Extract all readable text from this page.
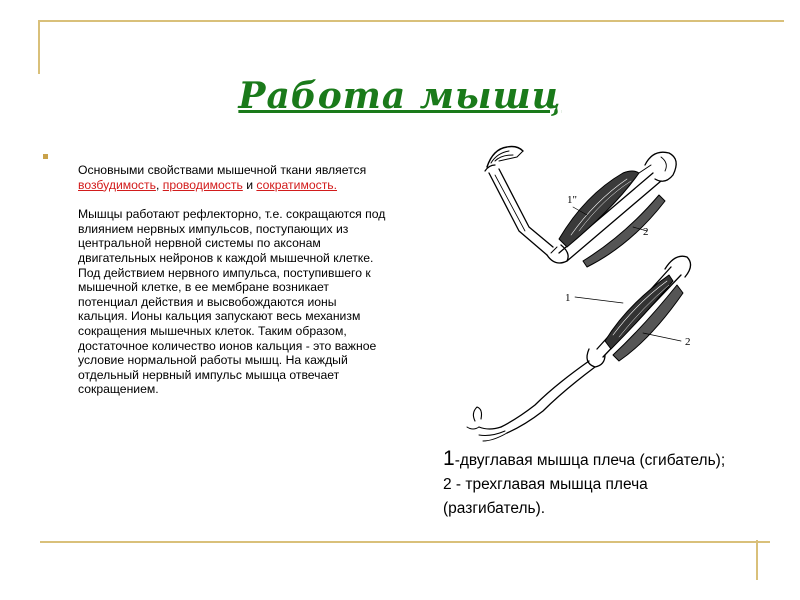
Работа мышц

Основными свойствами мышечной ткани является возбудимость, проводимость и сократимость.

Мышцы работают рефлекторно, т.е. сокращаются под влиянием нервных импульсов, поступающих из центральной нервной системы по аксонам двигательных нейронов к каждой мышечной клетке. Под действием нервного импульса, поступившего к мышечной клетке, в ее мембране возникает потенциал действия и высвобождаются ионы кальция. Ионы кальция запускают весь механизм сокращения мышечных клеток. Таким образом, достаточное количество ионов кальция - это важное условие нормальной работы мышц. На каждый отдельный нервный импульс мышца отвечает сокращением.

1"
2
1
2

1-двуглавая мышца плеча (сгибатель);

2 - трехглавая мышца плеча (разгибатель).
